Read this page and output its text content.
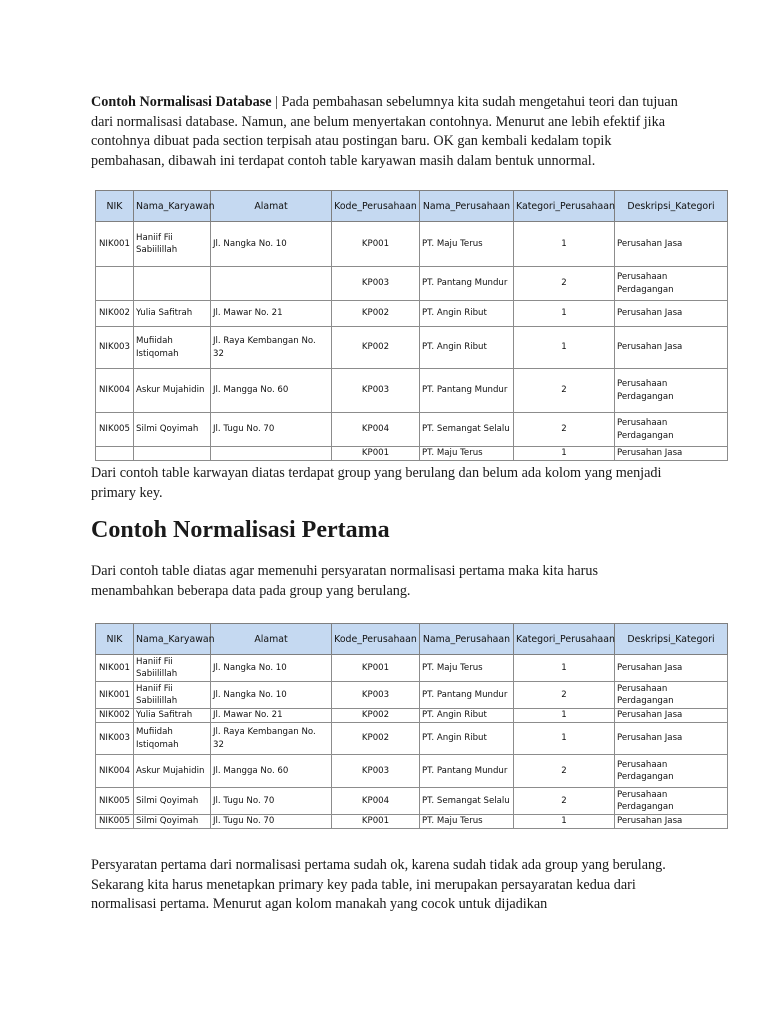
Contoh Normalisasi Database | Pada pembahasan sebelumnya kita sudah mengetahui teori dan tujuan dari normalisasi database. Namun, ane belum menyertakan contohnya. Menurut ane lebih efektif jika contohnya dibuat pada section terpisah atau postingan baru. OK gan kembali kedalam topik pembahasan, dibawah ini terdapat contoh table karyawan masih dalam bentuk unnormal.

NIK	Nama_Karyawan	Alamat	Kode_Perusahaan	Nama_Perusahaan	Kategori_Perusahaan	Deskripsi_Kategori
NIK001	Haniif Fii Sabiilillah	Jl. Nangka No. 10	KP001	PT. Maju Terus	1	Perusahan Jasa
			KP003	PT. Pantang Mundur	2	Perusahaan Perdagangan
NIK002	Yulia Safitrah	Jl. Mawar No. 21	KP002	PT. Angin Ribut	1	Perusahan Jasa
NIK003	Mufiidah Istiqomah	Jl. Raya Kembangan No. 32	KP002	PT. Angin Ribut	1	Perusahan Jasa
NIK004	Askur Mujahidin	Jl. Mangga No. 60	KP003	PT. Pantang Mundur	2	Perusahaan Perdagangan
NIK005	Silmi Qoyimah	Jl. Tugu No. 70	KP004	PT. Semangat Selalu	2	Perusahaan Perdagangan
			KP001	PT. Maju Terus	1	Perusahan Jasa

Dari contoh table karwayan diatas terdapat group yang berulang dan belum ada kolom yang menjadi primary key.

Contoh Normalisasi Pertama

Dari contoh table diatas agar memenuhi persyaratan normalisasi pertama maka kita harus menambahkan beberapa data pada group yang berulang.

NIK	Nama_Karyawan	Alamat	Kode_Perusahaan	Nama_Perusahaan	Kategori_Perusahaan	Deskripsi_Kategori
NIK001	Haniif Fii Sabiilillah	Jl. Nangka No. 10	KP001	PT. Maju Terus	1	Perusahan Jasa
NIK001	Haniif Fii Sabiilillah	Jl. Nangka No. 10	KP003	PT. Pantang Mundur	2	Perusahaan Perdagangan
NIK002	Yulia Safitrah	Jl. Mawar No. 21	KP002	PT. Angin Ribut	1	Perusahan Jasa
NIK003	Mufiidah Istiqomah	Jl. Raya Kembangan No. 32	KP002	PT. Angin Ribut	1	Perusahan Jasa
NIK004	Askur Mujahidin	Jl. Mangga No. 60	KP003	PT. Pantang Mundur	2	Perusahaan Perdagangan
NIK005	Silmi Qoyimah	Jl. Tugu No. 70	KP004	PT. Semangat Selalu	2	Perusahaan Perdagangan
NIK005	Silmi Qoyimah	Jl. Tugu No. 70	KP001	PT. Maju Terus	1	Perusahan Jasa

Persyaratan pertama dari normalisasi pertama sudah ok, karena sudah tidak ada group yang berulang. Sekarang kita harus menetapkan primary key pada table, ini merupakan persayaratan kedua dari normalisasi pertama. Menurut agan kolom manakah yang cocok untuk dijadikan
